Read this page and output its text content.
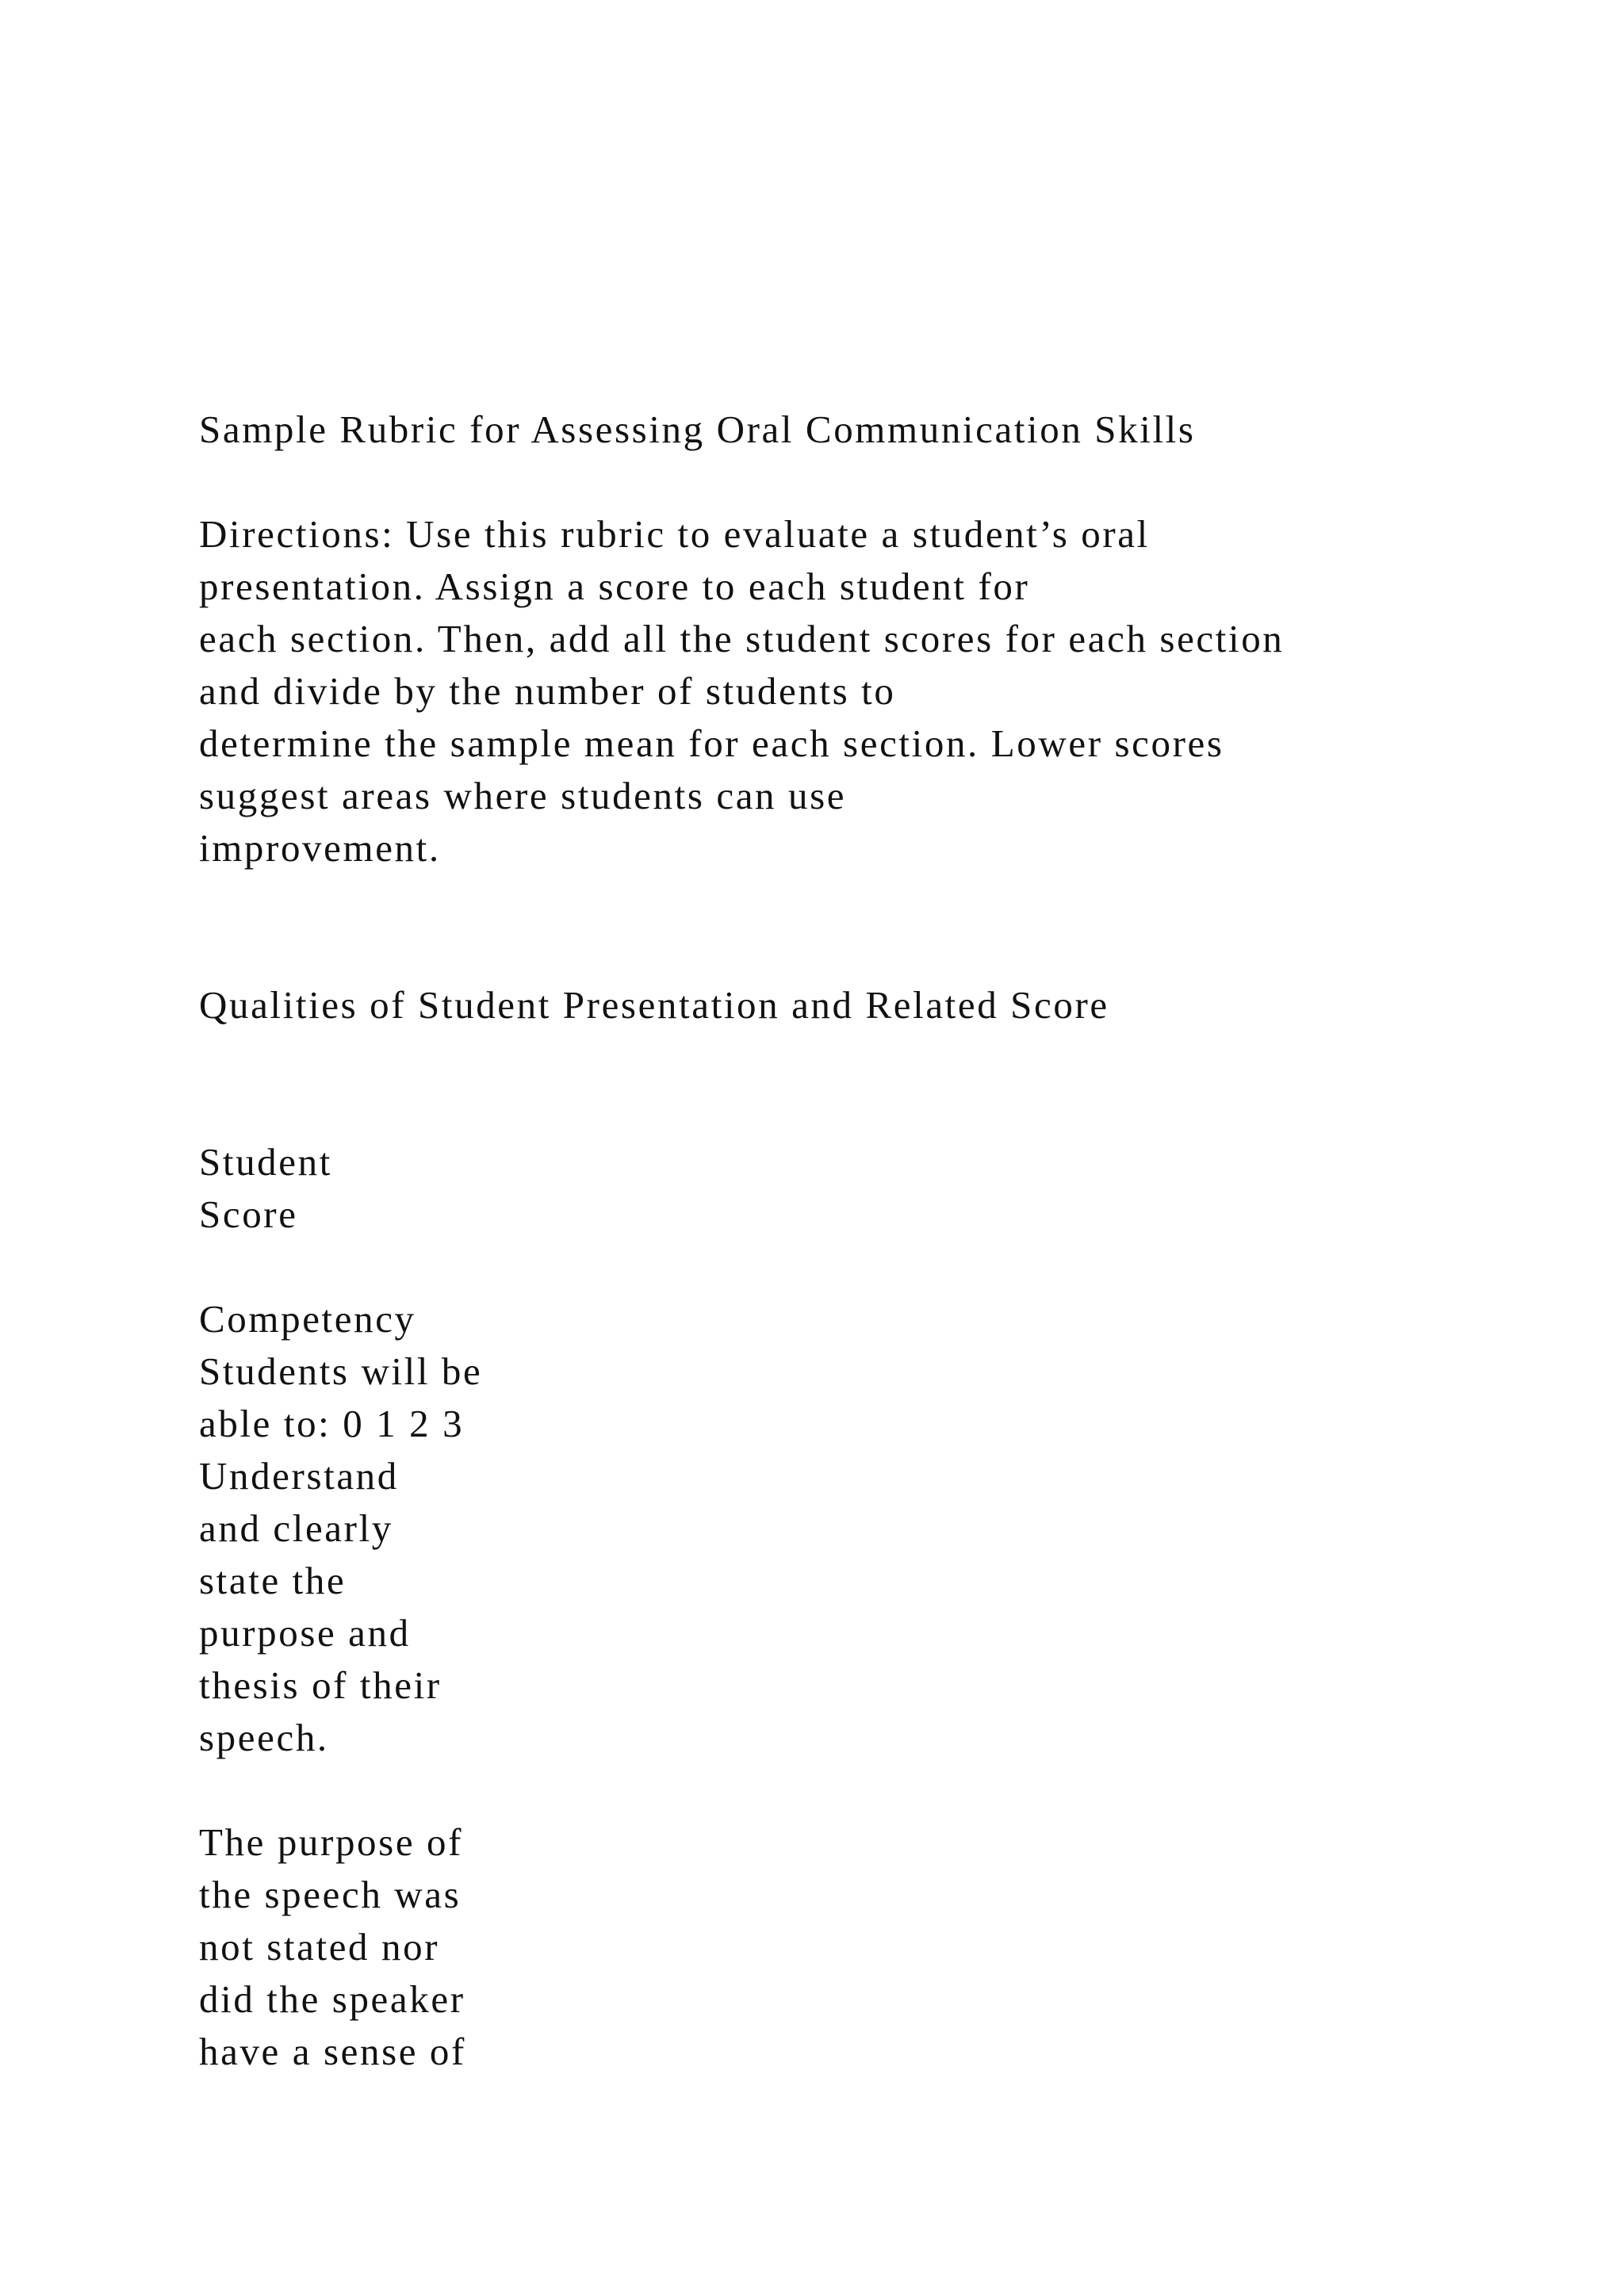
Sample Rubric for Assessing Oral Communication Skills
Directions: Use this rubric to evaluate a student’s oral
presentation. Assign a score to each student for
each section. Then, add all the student scores for each section
and divide by the number of students to
determine the sample mean for each section. Lower scores
suggest areas where students can use
improvement.
Qualities of Student Presentation and Related Score
Student
Score
Competency
Students will be
able to: 0 1 2 3
Understand
and clearly
state the
purpose and
thesis of their
speech.
The purpose of
the speech was
not stated nor
did the speaker
have a sense of
